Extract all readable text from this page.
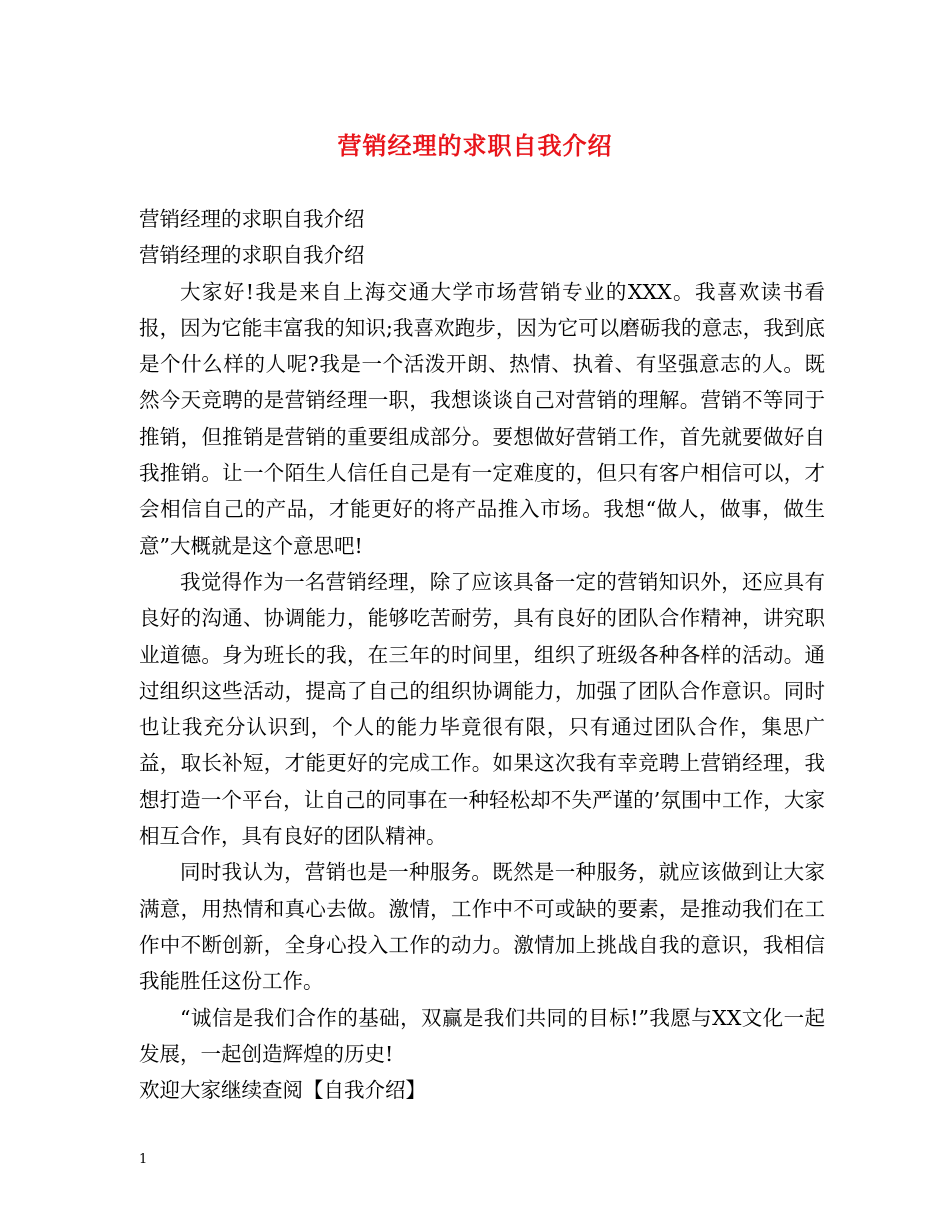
营销经理的求职自我介绍

营销经理的求职自我介绍

营销经理的求职自我介绍

大家好!我是来自上海交通大学市场营销专业的XXX。我喜欢读书看报，因为它能丰富我的知识;我喜欢跑步，因为它可以磨砺我的意志，我到底是个什么样的人呢?我是一个活泼开朗、热情、执着、有坚强意志的人。既然今天竞聘的是营销经理一职，我想谈谈自己对营销的理解。营销不等同于推销，但推销是营销的重要组成部分。要想做好营销工作，首先就要做好自我推销。让一个陌生人信任自己是有一定难度的，但只有客户相信可以，才会相信自己的产品，才能更好的将产品推入市场。我想“做人，做事，做生意”大概就是这个意思吧!

我觉得作为一名营销经理，除了应该具备一定的营销知识外，还应具有良好的沟通、协调能力，能够吃苦耐劳，具有良好的团队合作精神，讲究职业道德。身为班长的我，在三年的时间里，组织了班级各种各样的活动。通过组织这些活动，提高了自己的组织协调能力，加强了团队合作意识。同时也让我充分认识到，个人的能力毕竟很有限，只有通过团队合作，集思广益，取长补短，才能更好的完成工作。如果这次我有幸竞聘上营销经理，我想打造一个平台，让自己的同事在一种轻松却不失严谨的’氛围中工作，大家相互合作，具有良好的团队精神。

同时我认为，营销也是一种服务。既然是一种服务，就应该做到让大家满意，用热情和真心去做。激情，工作中不可或缺的要素，是推动我们在工作中不断创新，全身心投入工作的动力。激情加上挑战自我的意识，我相信我能胜任这份工作。

“诚信是我们合作的基础，双赢是我们共同的目标!”我愿与XX文化一起发展，一起创造辉煌的历史!

欢迎大家继续查阅【自我介绍】

1
